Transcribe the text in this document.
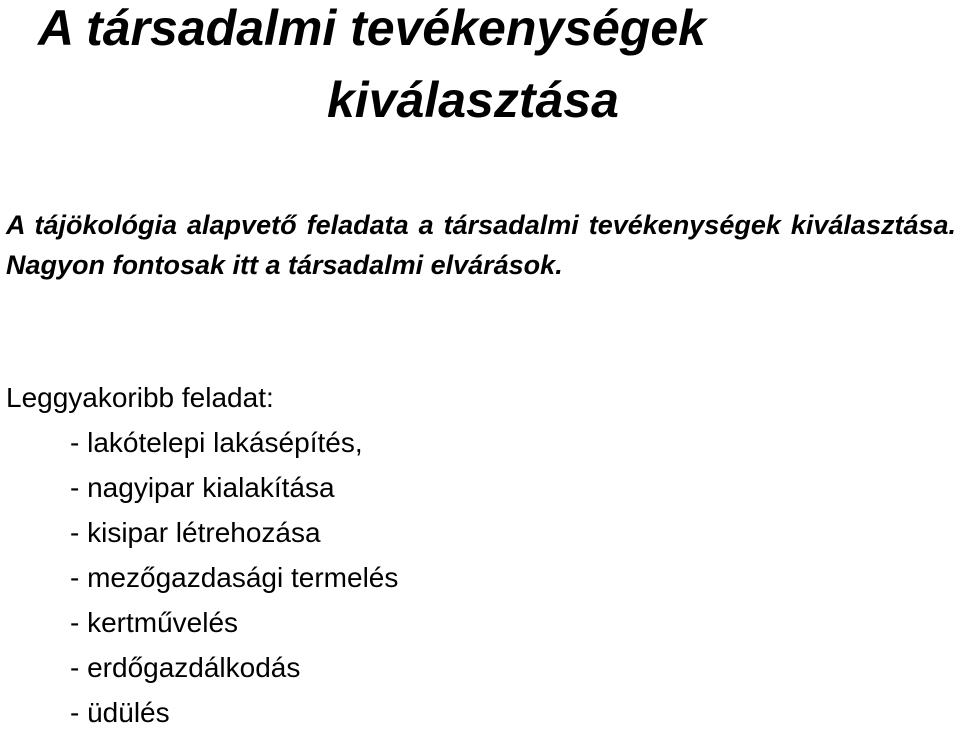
A társadalmi tevékenységek
kiválasztása

A tájökológia alapvető feladata a társadalmi tevékenységek kiválasztása. Nagyon fontosak itt a társadalmi elvárások.

Leggyakoribb feladat:
- lakótelepi lakásépítés,
- nagyipar kialakítása
- kisipar létrehozása
- mezőgazdasági termelés
- kertművelés
- erdőgazdálkodás
- üdülés
